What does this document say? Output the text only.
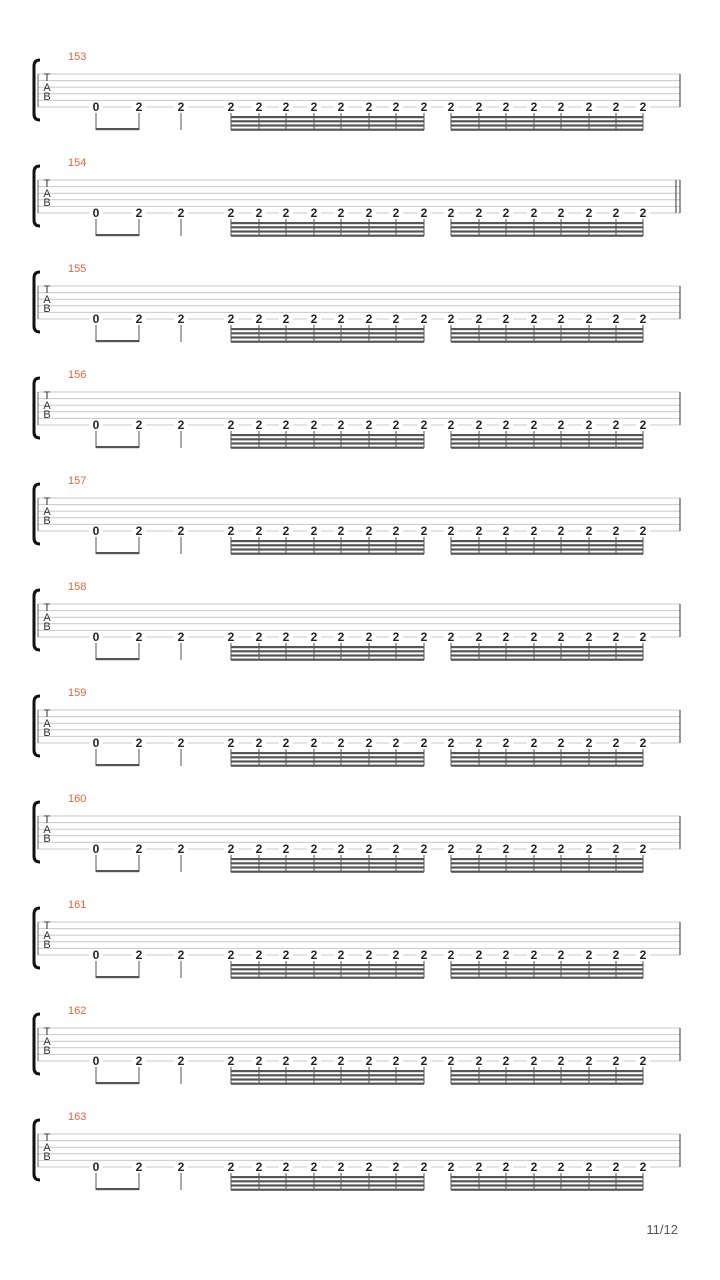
153
T
A
B
0	2	2	2	2	2	2	2	2	2	2	2	2	2	2	2	2	2	2
154
T
A
B
0	2	2	2	2	2	2	2	2	2	2	2	2	2	2	2	2	2	2
155
T
A
B
0	2	2	2	2	2	2	2	2	2	2	2	2	2	2	2	2	2	2
156
T
A
B
0	2	2	2	2	2	2	2	2	2	2	2	2	2	2	2	2	2	2
157
T
A
B
0	2	2	2	2	2	2	2	2	2	2	2	2	2	2	2	2	2	2
158
T
A
B
0	2	2	2	2	2	2	2	2	2	2	2	2	2	2	2	2	2	2
159
T
A
B
0	2	2	2	2	2	2	2	2	2	2	2	2	2	2	2	2	2	2
160
T
A
B
0	2	2	2	2	2	2	2	2	2	2	2	2	2	2	2	2	2	2
161
T
A
B
0	2	2	2	2	2	2	2	2	2	2	2	2	2	2	2	2	2	2
162
T
A
B
0	2	2	2	2	2	2	2	2	2	2	2	2	2	2	2	2	2	2
163
T
A
B
0	2	2	2	2	2	2	2	2	2	2	2	2	2	2	2	2	2	2
11/12
